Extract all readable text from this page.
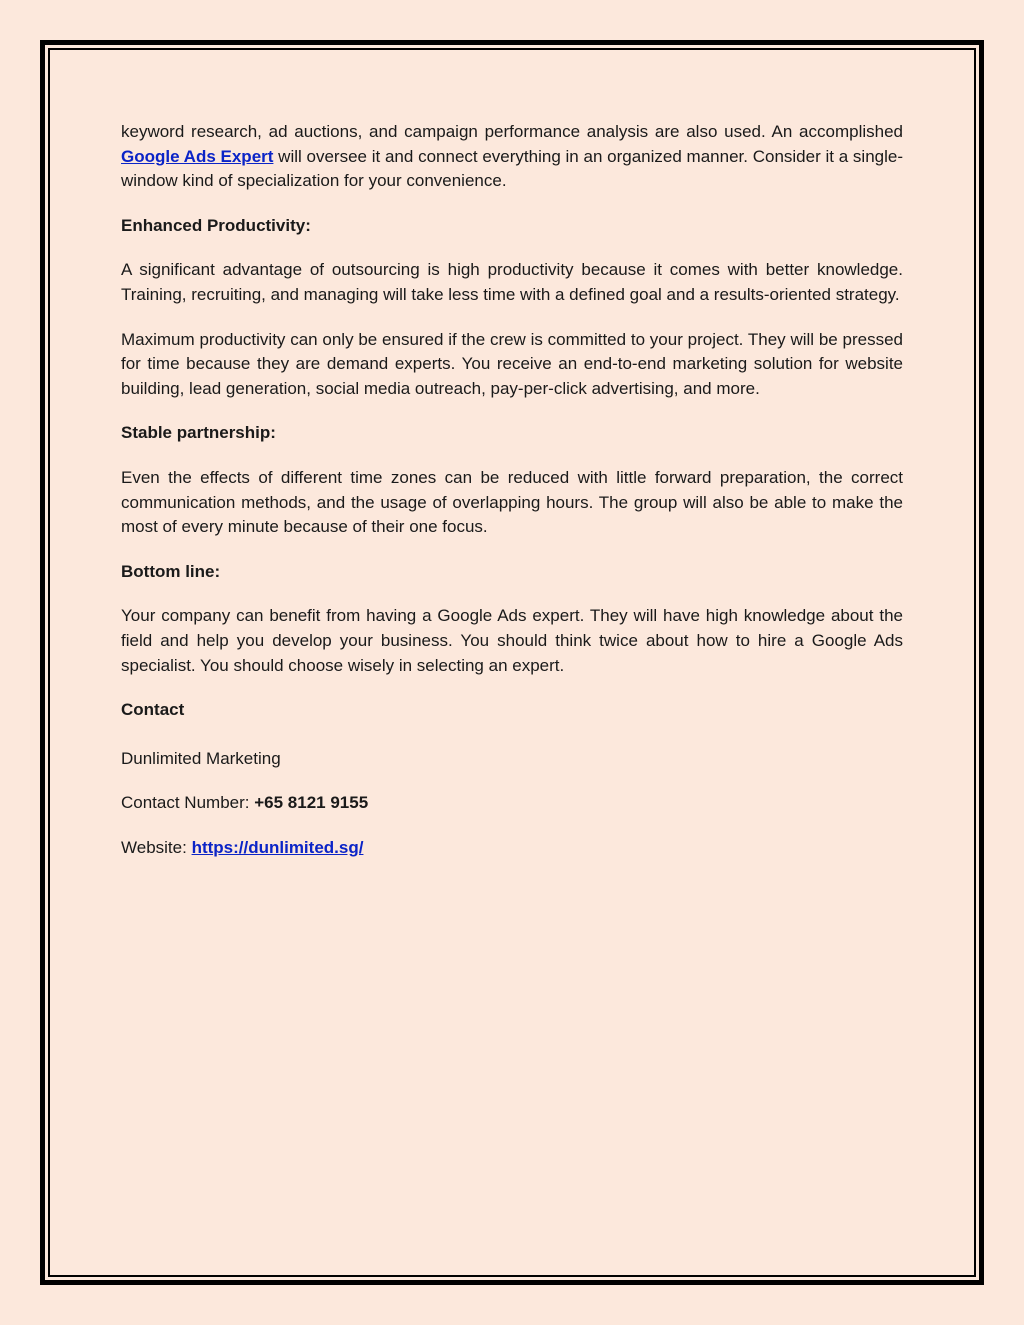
keyword research, ad auctions, and campaign performance analysis are also used. An accomplished Google Ads Expert will oversee it and connect everything in an organized manner. Consider it a single-window kind of specialization for your convenience.

Enhanced Productivity:

A significant advantage of outsourcing is high productivity because it comes with better knowledge. Training, recruiting, and managing will take less time with a defined goal and a results-oriented strategy.

Maximum productivity can only be ensured if the crew is committed to your project. They will be pressed for time because they are demand experts. You receive an end-to-end marketing solution for website building, lead generation, social media outreach, pay-per-click advertising, and more.

Stable partnership:

Even the effects of different time zones can be reduced with little forward preparation, the correct communication methods, and the usage of overlapping hours. The group will also be able to make the most of every minute because of their one focus.

Bottom line:

Your company can benefit from having a Google Ads expert. They will have high knowledge about the field and help you develop your business. You should think twice about how to hire a Google Ads specialist. You should choose wisely in selecting an expert.

Contact

Dunlimited Marketing

Contact Number: +65 8121 9155

Website: https://dunlimited.sg/
